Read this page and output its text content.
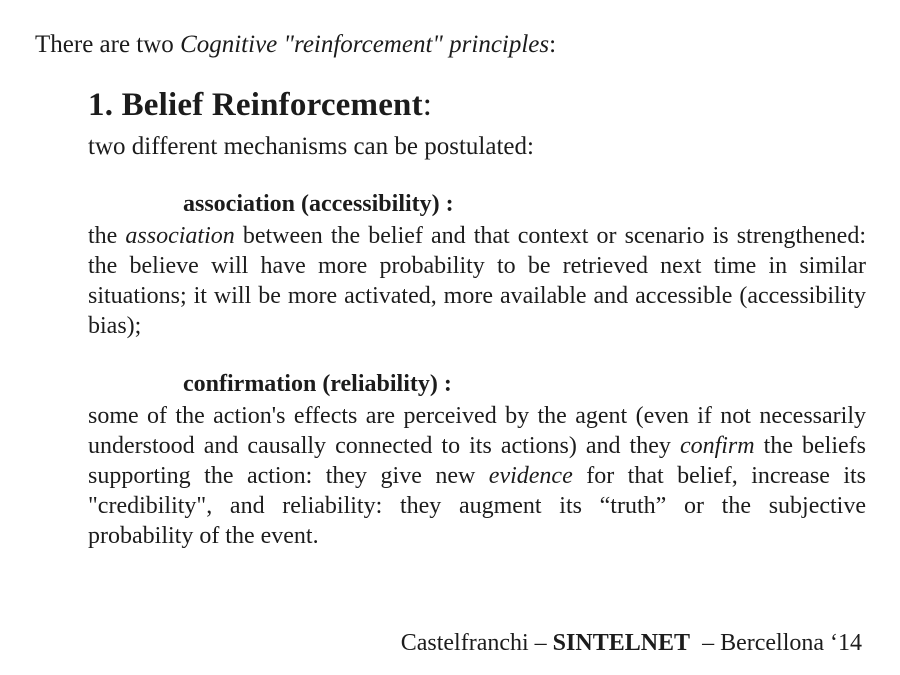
There are two Cognitive "reinforcement" principles:
1. Belief Reinforcement:
two different mechanisms can be postulated:
association (accessibility) :
the association between the belief and that context or scenario is strengthened: the believe will have more probability to be retrieved next time in similar situations; it will be more activated, more available and accessible (accessibility bias);
confirmation (reliability) :
some of the action's effects are perceived by the agent (even if not necessarily understood and causally connected to its actions) and they confirm the beliefs supporting the action: they give new evidence for that belief, increase its "credibility", and reliability: they augment its “truth” or the subjective probability of the event.
Castelfranchi – SINTELNET  – Bercellona ‘14
